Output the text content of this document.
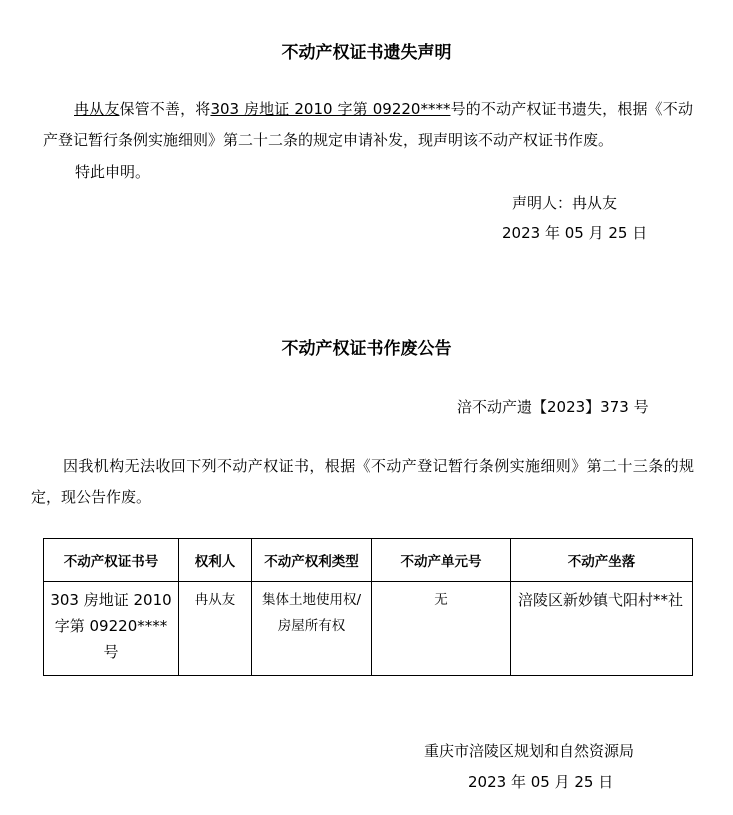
不动产权证书遗失声明
冉从友保管不善，将303 房地证 2010 字第 09220****号的不动产权证书遗失，根据《不动产登记暂行条例实施细则》第二十二条的规定申请补发，现声明该不动产权证书作废。
特此申明。
声明人：冉从友
2023 年 05 月 25 日
不动产权证书作废公告
涪不动产遗【2023】373 号
因我机构无法收回下列不动产权证书，根据《不动产登记暂行条例实施细则》第二十三条的规定，现公告作废。
不动产权证书号	权利人	不动产权利类型	不动产单元号	不动产坐落
303 房地证 2010 字第 09220****号	冉从友	集体土地使用权/房屋所有权	无	涪陵区新妙镇弋阳村**社
重庆市涪陵区规划和自然资源局
2023 年 05 月 25 日
